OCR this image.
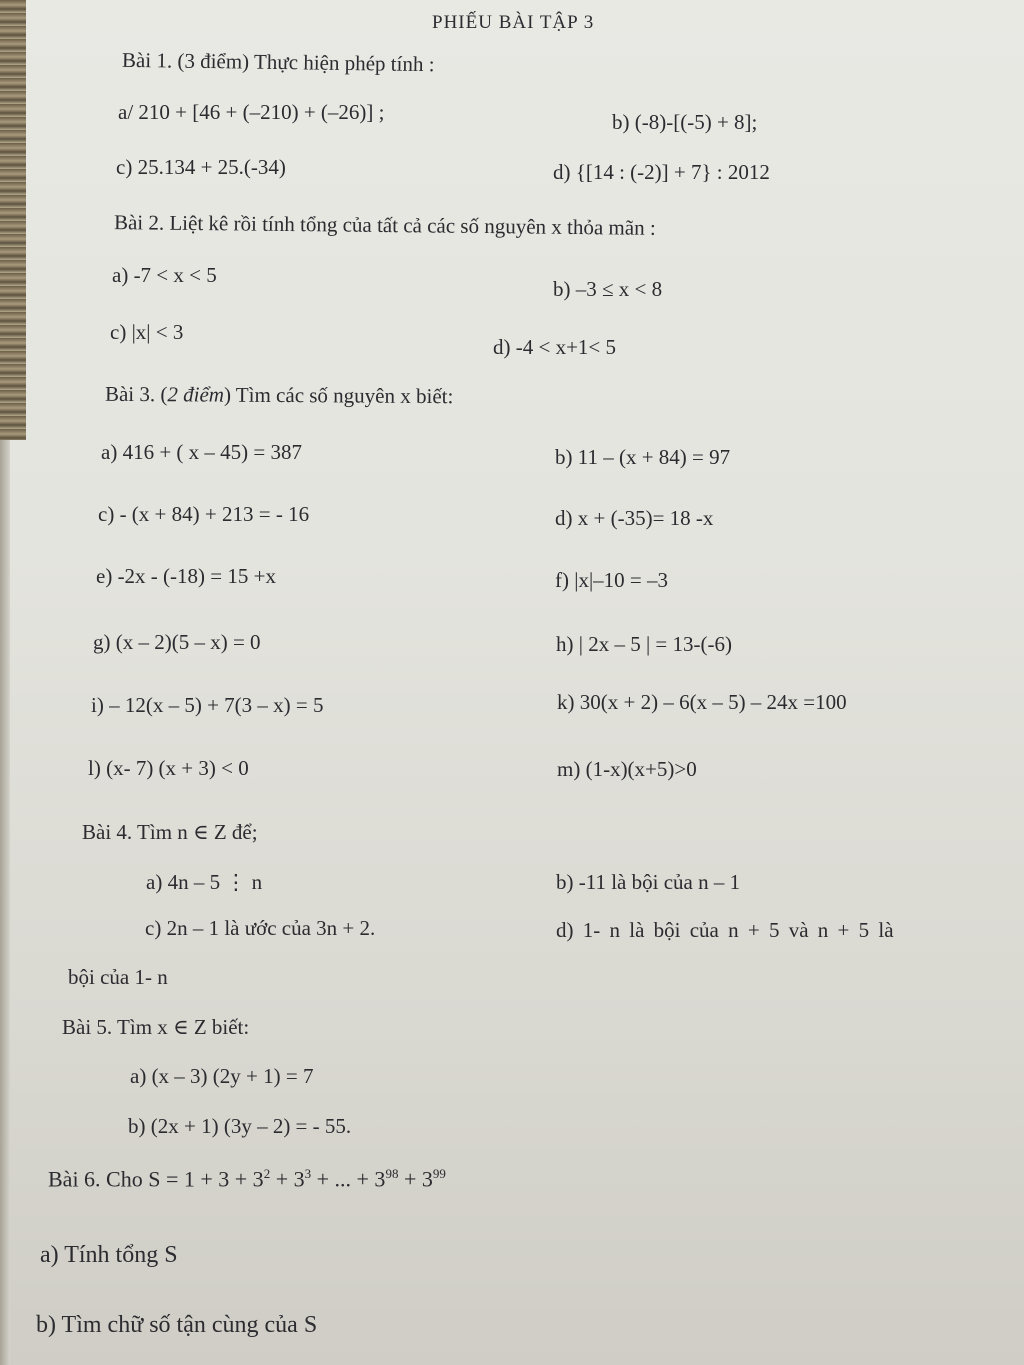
PHIẾU BÀI TẬP 3
Bài 1. (3 điểm) Thực hiện phép tính :
a/ 210 + [46 + (–210) + (–26)] ;	b) (-8)-[(-5) + 8];
c) 25.134 + 25.(-34)	d) {[14 : (-2)] + 7} : 2012
Bài 2. Liệt kê rồi tính tổng của tất cả các số nguyên x thỏa mãn :
a) -7 < x < 5
b) –3 ≤ x < 8
c) |x| < 3
d) -4 < x+1< 5
Bài 3. (2 điểm) Tìm các số nguyên x biết:
a) 416 + ( x – 45) = 387	b) 11 – (x + 84) = 97
c) - (x + 84) + 213 = - 16	d) x + (-35)= 18 -x
e) -2x - (-18) = 15 +x	f) |x|–10 = –3
g) (x – 2)(5 – x) = 0	h) | 2x – 5 | = 13-(-6)
i) – 12(x – 5) + 7(3 – x) = 5	k) 30(x + 2) – 6(x – 5) – 24x =100
l) (x- 7) (x + 3) < 0	m) (1-x)(x+5)>0
Bài 4. Tìm n ∈ Z để;
a) 4n – 5 ⋮ n	b) -11 là bội của n – 1
c) 2n – 1 là ước của 3n + 2.	d) 1- n là bội của n + 5 và n + 5 là
bội của 1- n
Bài 5. Tìm x ∈ Z biết:
a) (x – 3) (2y + 1) = 7
b) (2x + 1) (3y – 2) = - 55.
Bài 6. Cho $S = 1 + 3 + 3^2 + 3^3$ + ... + $3^{98} + 3^{99}$
a) Tính tổng S
b) Tìm chữ số tận cùng của S
